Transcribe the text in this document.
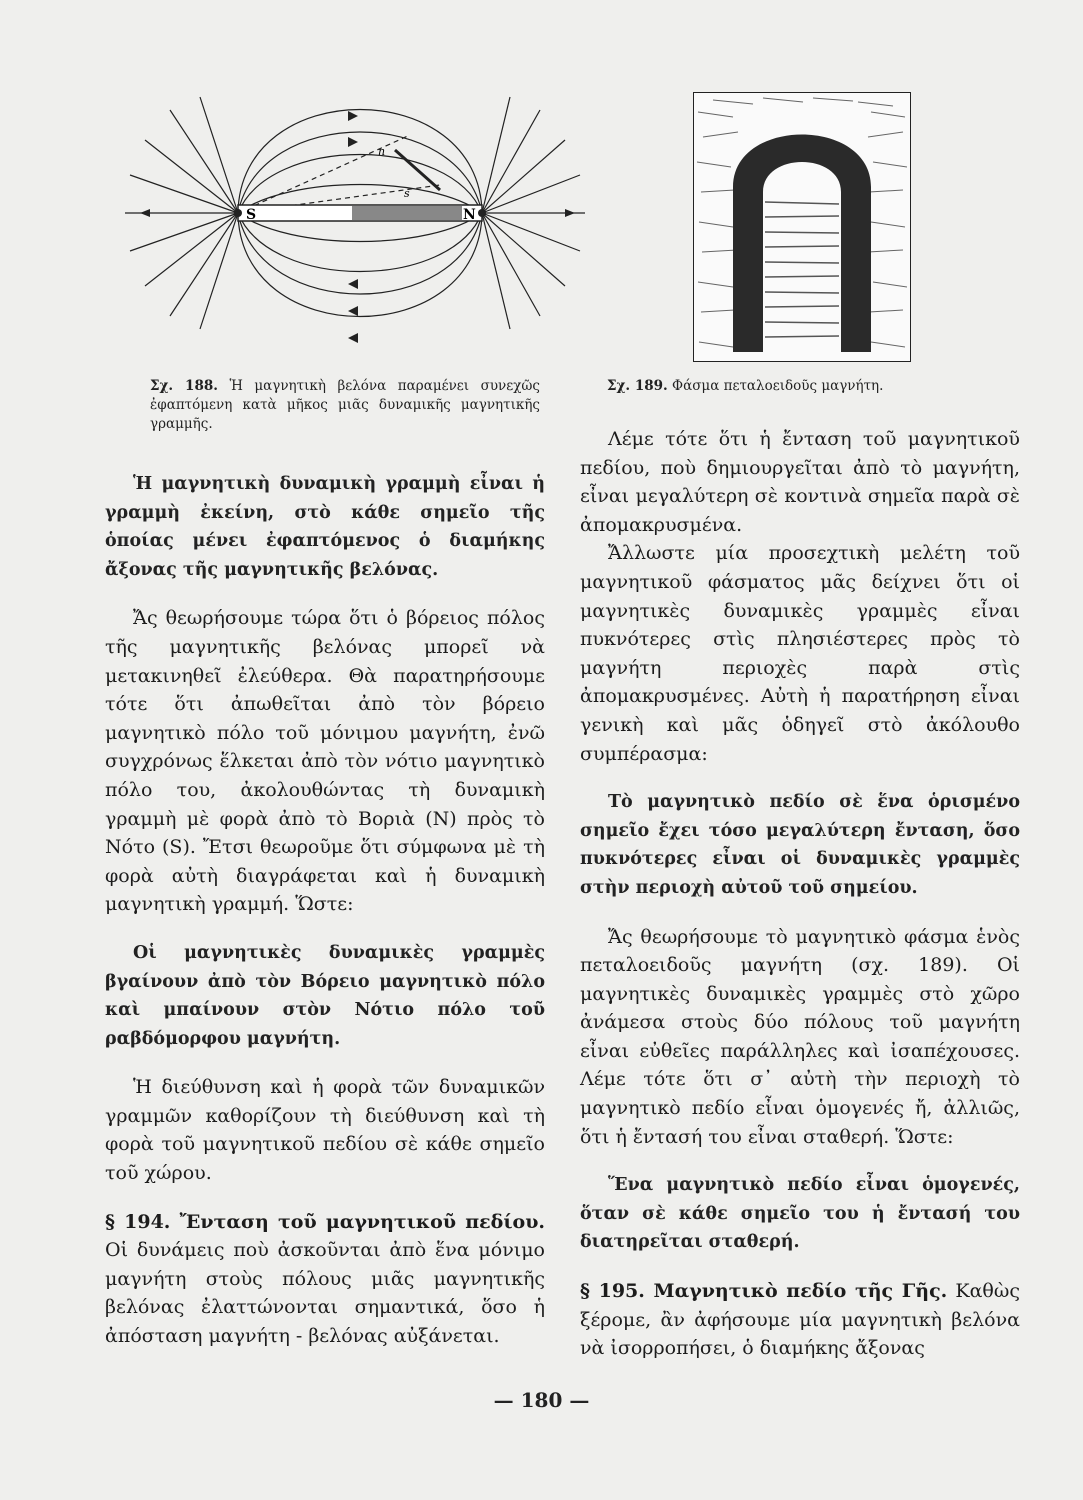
n
s
S	N
Σχ. 188. Ἡ μαγνητικὴ βελόνα παραμένει συνεχῶς ἐφαπτόμενη κατὰ μῆκος μιᾶς δυναμικῆς μαγνητικῆς γραμμῆς.
Σχ. 189. Φάσμα πεταλοειδοῦς μαγνήτη.

Ἡ μαγνητικὴ δυναμικὴ γραμμὴ εἶναι ἡ γραμμὴ ἐκείνη, στὸ κάθε σημεῖο τῆς ὁποίας μένει ἐφαπτόμενος ὁ διαμήκης ἄξονας τῆς μαγνητικῆς βελόνας.

Ἄς θεωρήσουμε τώρα ὅτι ὁ βόρειος πόλος τῆς μαγνητικῆς βελόνας μπορεῖ νὰ μετακινηθεῖ ἐλεύθερα. Θὰ παρατηρήσουμε τότε ὅτι ἀπωθεῖται ἀπὸ τὸν βόρειο μαγνητικὸ πόλο τοῦ μόνιμου μαγνήτη, ἐνῶ συγχρόνως ἕλκεται ἀπὸ τὸν νότιο μαγνητικὸ πόλο του, ἀκολουθώντας τὴ δυναμικὴ γραμμὴ μὲ φορὰ ἀπὸ τὸ Βοριὰ (N) πρὸς τὸ Νότο (S). Ἔτσι θεωροῦμε ὅτι σύμφωνα μὲ τὴ φορὰ αὐτὴ διαγράφεται καὶ ἡ δυναμικὴ μαγνητικὴ γραμμή. Ὥστε:

Οἱ μαγνητικὲς δυναμικὲς γραμμὲς βγαίνουν ἀπὸ τὸν Βόρειο μαγνητικὸ πόλο καὶ μπαίνουν στὸν Νότιο πόλο τοῦ ραβδόμορφου μαγνήτη.

Ἡ διεύθυνση καὶ ἡ φορὰ τῶν δυναμικῶν γραμμῶν καθορίζουν τὴ διεύθυνση καὶ τὴ φορὰ τοῦ μαγνητικοῦ πεδίου σὲ κάθε σημεῖο τοῦ χώρου.

§ 194. Ἔνταση τοῦ μαγνητικοῦ πεδίου. Οἱ δυνάμεις ποὺ ἀσκοῦνται ἀπὸ ἕνα μόνιμο μαγνήτη στοὺς πόλους μιᾶς μαγνητικῆς βελόνας ἐλαττώνονται σημαντικά, ὅσο ἡ ἀπόσταση μαγνήτη - βελόνας αὐξάνεται.

Λέμε τότε ὅτι ἡ ἔνταση τοῦ μαγνητικοῦ πεδίου, ποὺ δημιουργεῖται ἀπὸ τὸ μαγνήτη, εἶναι μεγαλύτερη σὲ κοντινὰ σημεῖα παρὰ σὲ ἀπομακρυσμένα.

Ἄλλωστε μία προσεχτικὴ μελέτη τοῦ μαγνητικοῦ φάσματος μᾶς δείχνει ὅτι οἱ μαγνητικὲς δυναμικὲς γραμμὲς εἶναι πυκνότερες στὶς πλησιέστερες πρὸς τὸ μαγνήτη περιοχὲς παρὰ στὶς ἀπομακρυσμένες. Αὐτὴ ἡ παρατήρηση εἶναι γενικὴ καὶ μᾶς ὁδηγεῖ στὸ ἀκόλουθο συμπέρασμα:

Τὸ μαγνητικὸ πεδίο σὲ ἕνα ὁρισμένο σημεῖο ἔχει τόσο μεγαλύτερη ἔνταση, ὅσο πυκνότερες εἶναι οἱ δυναμικὲς γραμμὲς στὴν περιοχὴ αὐτοῦ τοῦ σημείου.

Ἄς θεωρήσουμε τὸ μαγνητικὸ φάσμα ἑνὸς πεταλοειδοῦς μαγνήτη (σχ. 189). Οἱ μαγνητικὲς δυναμικὲς γραμμὲς στὸ χῶρο ἀνάμεσα στοὺς δύο πόλους τοῦ μαγνήτη εἶναι εὐθεῖες παράλληλες καὶ ἰσαπέχουσες. Λέμε τότε ὅτι σ᾽ αὐτὴ τὴν περιοχὴ τὸ μαγνητικὸ πεδίο εἶναι ὁμογενές ἤ, ἀλλιῶς, ὅτι ἡ ἔντασή του εἶναι σταθερή. Ὥστε:

Ἕνα μαγνητικὸ πεδίο εἶναι ὁμογενές, ὅταν σὲ κάθε σημεῖο του ἡ ἔντασή του διατηρεῖται σταθερή.

§ 195. Μαγνητικὸ πεδίο τῆς Γῆς. Καθὼς ξέρομε, ἂν ἀφήσουμε μία μαγνητικὴ βελόνα νὰ ἰσορροπήσει, ὁ διαμήκης ἄξονας

— 180 —
